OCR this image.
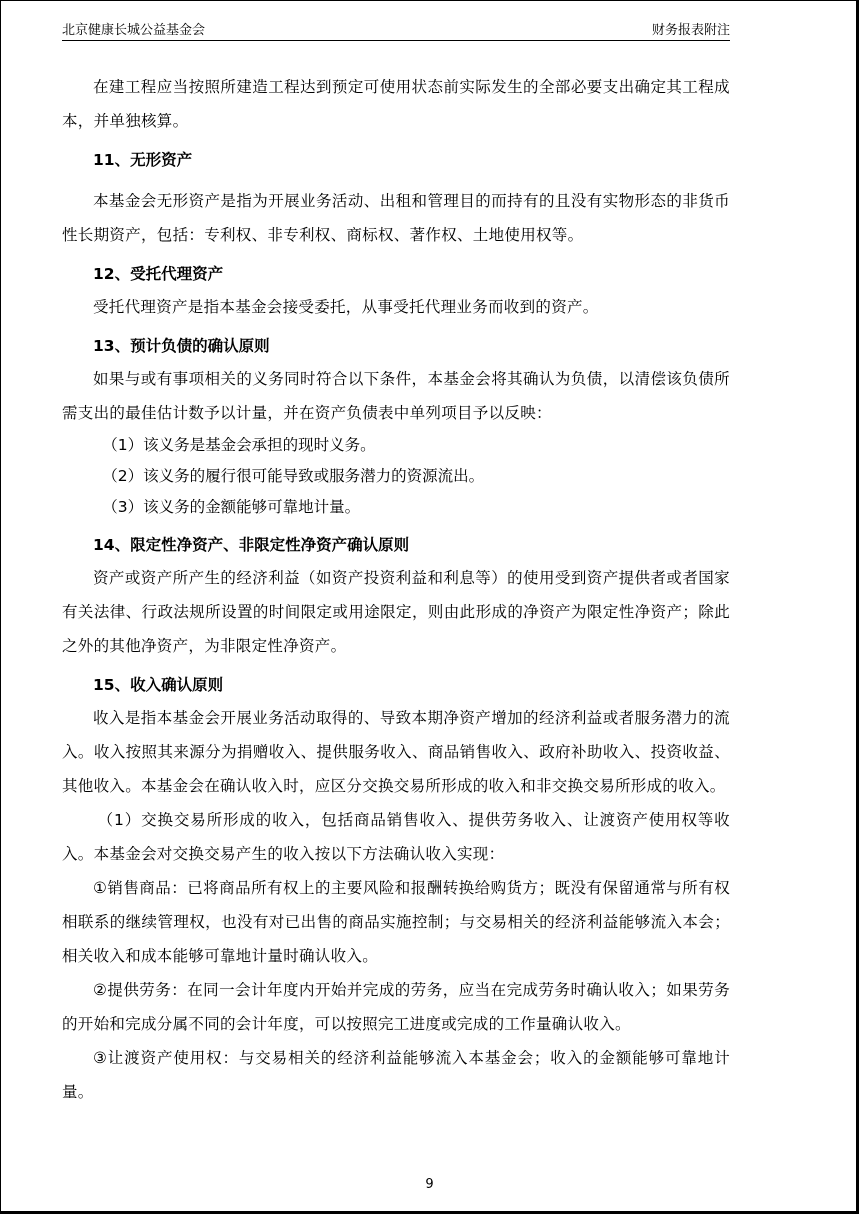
北京健康长城公益基金会	财务报表附注

在建工程应当按照所建造工程达到预定可使用状态前实际发生的全部必要支出确定其工程成本，并单独核算。

11、无形资产

本基金会无形资产是指为开展业务活动、出租和管理目的而持有的且没有实物形态的非货币性长期资产，包括：专利权、非专利权、商标权、著作权、土地使用权等。

12、受托代理资产

受托代理资产是指本基金会接受委托，从事受托代理业务而收到的资产。

13、预计负债的确认原则

如果与或有事项相关的义务同时符合以下条件，本基金会将其确认为负债，以清偿该负债所需支出的最佳估计数予以计量，并在资产负债表中单列项目予以反映：

（1）该义务是基金会承担的现时义务。

（2）该义务的履行很可能导致或服务潜力的资源流出。

（3）该义务的金额能够可靠地计量。

14、限定性净资产、非限定性净资产确认原则

资产或资产所产生的经济利益（如资产投资利益和利息等）的使用受到资产提供者或者国家有关法律、行政法规所设置的时间限定或用途限定，则由此形成的净资产为限定性净资产；除此之外的其他净资产，为非限定性净资产。

15、收入确认原则

收入是指本基金会开展业务活动取得的、导致本期净资产增加的经济利益或者服务潜力的流入。收入按照其来源分为捐赠收入、提供服务收入、商品销售收入、政府补助收入、投资收益、其他收入。本基金会在确认收入时，应区分交换交易所形成的收入和非交换交易所形成的收入。

（1）交换交易所形成的收入，包括商品销售收入、提供劳务收入、让渡资产使用权等收入。本基金会对交换交易产生的收入按以下方法确认收入实现：

①销售商品：已将商品所有权上的主要风险和报酬转换给购货方；既没有保留通常与所有权相联系的继续管理权，也没有对已出售的商品实施控制；与交易相关的经济利益能够流入本会；相关收入和成本能够可靠地计量时确认收入。

②提供劳务：在同一会计年度内开始并完成的劳务，应当在完成劳务时确认收入；如果劳务的开始和完成分属不同的会计年度，可以按照完工进度或完成的工作量确认收入。

③让渡资产使用权：与交易相关的经济利益能够流入本基金会；收入的金额能够可靠地计量。

9
